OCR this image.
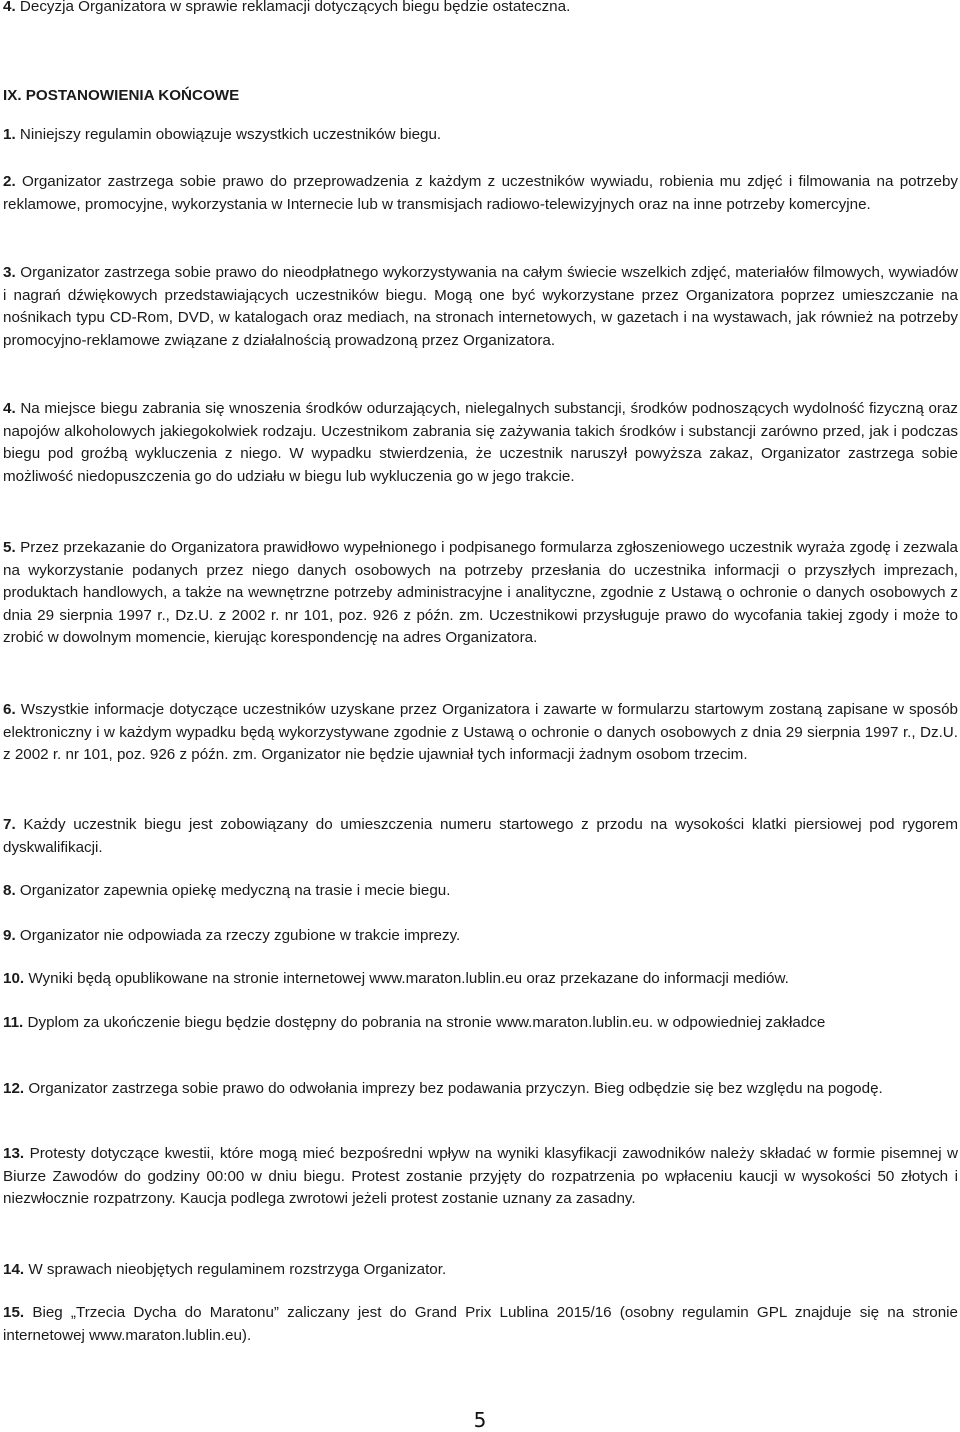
4. Decyzja Organizatora w sprawie reklamacji dotyczących biegu będzie ostateczna.

IX. POSTANOWIENIA KOŃCOWE

1. Niniejszy regulamin obowiązuje wszystkich uczestników biegu.

2. Organizator zastrzega sobie prawo do przeprowadzenia z każdym z uczestników wywiadu, robienia mu zdjęć i filmowania na potrzeby reklamowe, promocyjne, wykorzystania w Internecie lub w transmisjach radiowo-telewizyjnych oraz na inne potrzeby komercyjne.

3. Organizator zastrzega sobie prawo do nieodpłatnego wykorzystywania na całym świecie wszelkich zdjęć, materiałów filmowych, wywiadów i nagrań dźwiękowych przedstawiających uczestników biegu. Mogą one być wykorzystane przez Organizatora poprzez umieszczanie na nośnikach typu CD-Rom, DVD, w katalogach oraz mediach, na stronach internetowych, w gazetach i na wystawach, jak również na potrzeby promocyjno-reklamowe związane z działalnością prowadzoną przez Organizatora.

4. Na miejsce biegu zabrania się wnoszenia środków odurzających, nielegalnych substancji, środków podnoszących wydolność fizyczną oraz napojów alkoholowych jakiegokolwiek rodzaju. Uczestnikom zabrania się zażywania takich środków i substancji zarówno przed, jak i podczas biegu pod groźbą wykluczenia z niego. W wypadku stwierdzenia, że uczestnik naruszył powyższa zakaz, Organizator zastrzega sobie możliwość niedopuszczenia go do udziału w biegu lub wykluczenia go w jego trakcie.

5. Przez przekazanie do Organizatora prawidłowo wypełnionego i podpisanego formularza zgłoszeniowego uczestnik wyraża zgodę i zezwala na wykorzystanie podanych przez niego danych osobowych na potrzeby przesłania do uczestnika informacji o przyszłych imprezach, produktach handlowych, a także na wewnętrzne potrzeby administracyjne i analityczne, zgodnie z Ustawą o ochronie o danych osobowych z dnia 29 sierpnia 1997 r., Dz.U. z 2002 r. nr 101, poz. 926 z późn. zm. Uczestnikowi przysługuje prawo do wycofania takiej zgody i może to zrobić w dowolnym momencie, kierując korespondencję na adres Organizatora.

6. Wszystkie informacje dotyczące uczestników uzyskane przez Organizatora i zawarte w formularzu startowym zostaną zapisane w sposób elektroniczny i w każdym wypadku będą wykorzystywane zgodnie z Ustawą o ochronie o danych osobowych z dnia 29 sierpnia 1997 r., Dz.U. z 2002 r. nr 101, poz. 926 z późn. zm. Organizator nie będzie ujawniał tych informacji żadnym osobom trzecim.

7. Każdy uczestnik biegu jest zobowiązany do umieszczenia numeru startowego z przodu na wysokości klatki piersiowej pod rygorem dyskwalifikacji.

8. Organizator zapewnia opiekę medyczną na trasie i mecie biegu.

9. Organizator nie odpowiada za rzeczy zgubione w trakcie imprezy.

10. Wyniki będą opublikowane na stronie internetowej www.maraton.lublin.eu oraz przekazane do informacji mediów.

11. Dyplom za ukończenie biegu będzie dostępny do pobrania na stronie www.maraton.lublin.eu. w odpowiedniej zakładce

12. Organizator zastrzega sobie prawo do odwołania imprezy bez podawania przyczyn. Bieg odbędzie się bez względu na pogodę.

13. Protesty dotyczące kwestii, które mogą mieć bezpośredni wpływ na wyniki klasyfikacji zawodników należy składać w formie pisemnej w Biurze Zawodów do godziny 00:00 w dniu biegu. Protest zostanie przyjęty do rozpatrzenia po wpłaceniu kaucji w wysokości 50 złotych i niezwłocznie rozpatrzony. Kaucja podlega zwrotowi jeżeli protest zostanie uznany za zasadny.

14. W sprawach nieobjętych regulaminem rozstrzyga Organizator.

15. Bieg „Trzecia Dycha do Maratonu” zaliczany jest do Grand Prix Lublina 2015/16 (osobny regulamin GPL znajduje się na stronie internetowej www.maraton.lublin.eu).

5
